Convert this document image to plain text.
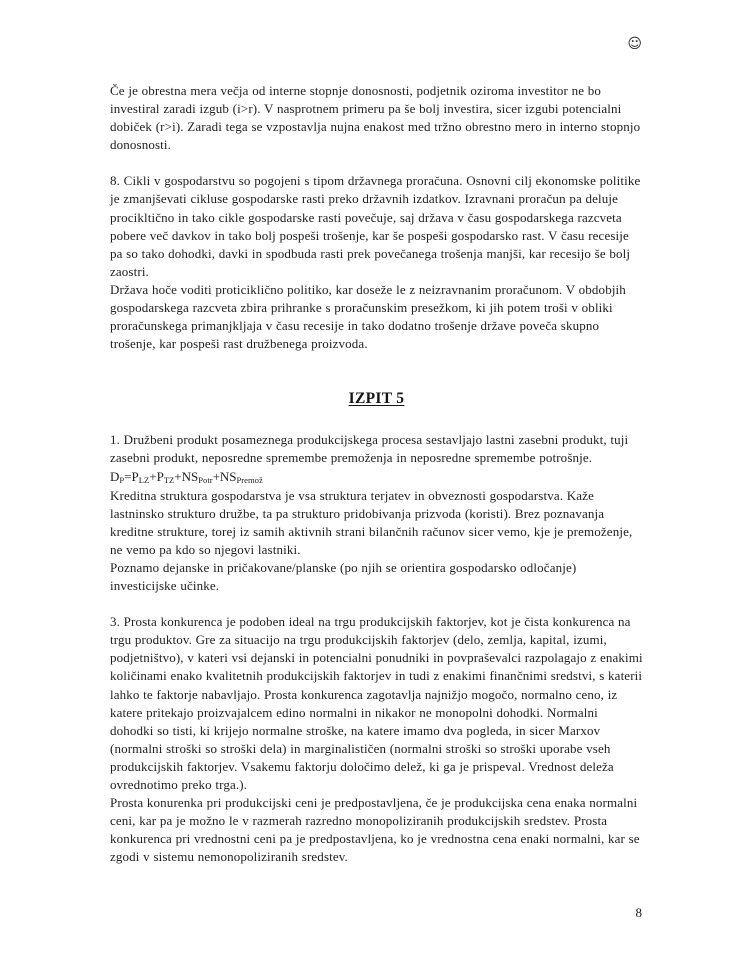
☺

Če je obrestna mera večja od interne stopnje donosnosti, podjetnik oziroma investitor ne bo investiral zaradi izgub (i>r). V nasprotnem primeru pa še bolj investira, sicer izgubi potencialni dobiček (r>i). Zaradi tega se vzpostavlja nujna enakost med tržno obrestno mero in interno stopnjo donosnosti.

8. Cikli v gospodarstvu so pogojeni s tipom državnega proračuna. Osnovni cilj ekonomske politike je zmanjševati cikluse gospodarske rasti preko državnih izdatkov. Izravnani proračun pa deluje procikltično in tako cikle gospodarske rasti povečuje, saj država v času gospodarskega razcveta pobere več davkov in tako bolj pospeši trošenje, kar še pospeši gospodarsko rast. V času recesije pa so tako dohodki, davki in spodbuda rasti prek povečanega trošenja manjši, kar recesijo še bolj zaostri.

Država hoče voditi proticiklično politiko, kar doseže le z neizravnanim proračunom. V obdobjih gospodarskega razcveta zbira prihranke s proračunskim presežkom, ki jih potem troši v obliki proračunskega primanjkljaja v času recesije in tako dodatno trošenje države poveča skupno trošenje, kar pospeši rast družbenega proizvoda.

IZPIT 5

1. Družbeni produkt posameznega produkcijskega procesa sestavljajo lastni zasebni produkt, tuji zasebni produkt, neposredne spremembe premoženja in neposredne spremembe potrošnje.

$D_P=P_{LZ}+P_{TZ}+NS_{Potr}+NS_{Premož}$

Kreditna struktura gospodarstva je vsa struktura terjatev in obveznosti gospodarstva. Kaže lastninsko strukturo družbe, ta pa strukturo pridobivanja prizvoda (koristi). Brez poznavanja kreditne strukture, torej iz samih aktivnih strani bilančnih računov sicer vemo, kje je premoženje, ne vemo pa kdo so njegovi lastniki.

Poznamo dejanske in pričakovane/planske (po njih se orientira gospodarsko odločanje) investicijske učinke.

3. Prosta konkurenca je podoben ideal na trgu produkcijskih faktorjev, kot je čista konkurenca na trgu produktov. Gre za situacijo na trgu produkcijskih faktorjev (delo, zemlja, kapital, izumi, podjetništvo), v kateri vsi dejanski in potencialni ponudniki in povpraševalci razpolagajo z enakimi količinami enako kvalitetnih produkcijskih faktorjev in tudi z enakimi finančnimi sredstvi, s katerii lahko te faktorje nabavljajo. Prosta konkurenca zagotavlja najnižjo mogočo, normalno ceno, iz katere pritekajo proizvajalcem edino normalni in nikakor ne monopolni dohodki. Normalni dohodki so tisti, ki krijejo normalne stroške, na katere imamo dva pogleda, in sicer Marxov (normalni stroški so stroški dela) in marginalističen (normalni stroški so stroški uporabe vseh produkcijskih faktorjev. Vsakemu faktorju določimo delež, ki ga je prispeval. Vrednost deleža ovrednotimo preko trga.).

Prosta konurenka pri produkcijski ceni je predpostavljena, če je produkcijska cena enaka normalni ceni, kar pa je možno le v razmerah razredno monopoliziranih produkcijskih sredstev. Prosta konkurenca pri vrednostni ceni pa je predpostavljena, ko je vrednostna cena enaki normalni, kar se zgodi v sistemu nemonopoliziranih sredstev.

8
